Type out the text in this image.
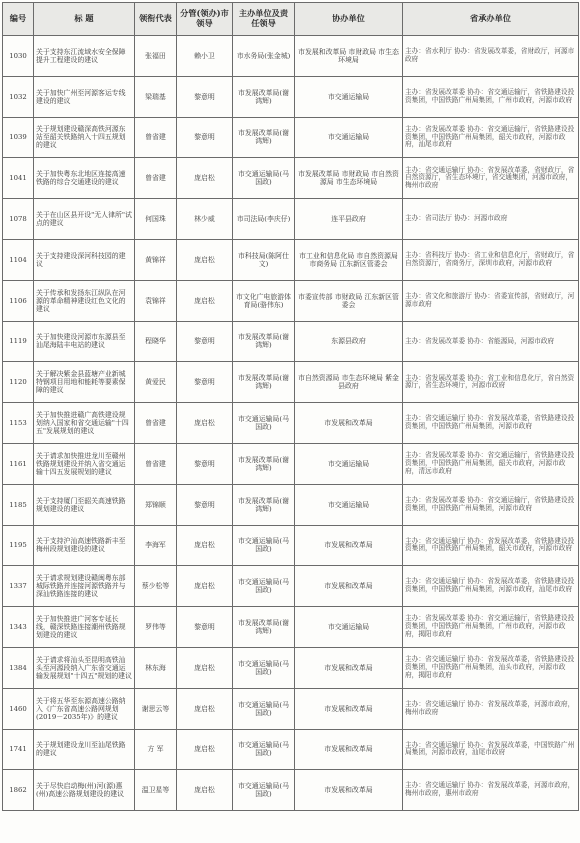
编号	标 题	领衔代表	分管(领办)市领导	主办单位及责任领导	协办单位	省承办单位
1030	关于支持东江流域水安全保障提升工程建设的建议	张福田	赖小卫	市水务局(张金城)	市发展和改革局 市财政局 市生态环境局	主办：省水利厅 协办：省发展改革委，省财政厅，河源市政府
1032	关于加快广州至河源客运专线建设的建议	梁瑞基	黎意明	市发展改革局(谢鸿辉)	市交通运输局	主办：省发展改革委 协办：省交通运输厅，省铁路建设投资集团，中国铁路广州局集团，广州市政府，河源市政府
1039	关于规划建设赣深高铁河源东站至韶关铁路纳入十四五规划的建议	曾省建	黎意明	市发展改革局(谢鸿辉)	市交通运输局	主办：省发展改革委 协办：省交通运输厅，省铁路建设投资集团，中国铁路广州局集团，韶关市政府，河源市政府，汕尾市政府
1041	关于加快粤东北地区连接高速铁路的综合交通建设的建议	曾省建	庞启松	市交通运输局(马国政)	市发展改革局 市财政局 市自然资源局 市生态环境局	主办：省交通运输厅 协办：省发展改革委，省财政厅，省自然资源厅，省生态环境厅，省交通集团，河源市政府，梅州市政府
1078	关于在山区县开设"无人律所"试点的建议	何国珠	林少威	市司法局(李庆仔)	连平县政府	主办：省司法厅 协办：河源市政府
1104	关于支持建设深河科技园的建议	黄锦祥	庞启松	市科技局(陈阿仕文)	市工业和信息化局 市自然资源局 市商务局 江东新区管委会	主办：省科技厅 协办：省工业和信息化厅，省财政厅，省自然资源厅，省商务厅，深圳市政府，河源市政府
1106	关于传承和发扬东江纵队在河源的革命精神建设红色文化的建议	袁锦祥	庞启松	市文化广电旅游体育局(骆伟东)	市委宣传部 市财政局 江东新区管委会	主办：省文化和旅游厅 协办：省委宣传部，省财政厅，河源市政府
1119	关于加快建设河源市东源县至汕尾海陆丰电站的建议	程晓华	黎意明	市发展改革局(谢鸿辉)	东源县政府	主办：省发展改革委 协办：省能源局，河源市政府
1120	关于解决紫金县蓝塘产业新城特钢项目用地和能耗等要素保障的建议	黄爱民	黎意明	市发展改革局(谢鸿辉)	市自然资源局 市生态环境局 紫金县政府	主办：省发展改革委 协办：省工业和信息化厅，省自然资源厅，省生态环境厅，河源市政府
1153	关于加快推进赣广高铁建设规划纳入国家和省交通运输"十四五"发展规划的建议	曾省建	庞启松	市交通运输局(马国政)	市发展和改革局	主办：省交通运输厅 协办：省发展改革委，省铁路建设投资集团，中国铁路广州局集团，河源市政府
1161	关于请求加快推进龙川至赣州铁路规划建设并纳入省交通运输十四五发展规划的建议	曾省建	黎意明	市发展改革局(谢鸿辉)	市交通运输局	主办：省发展改革委 协办：省交通运输厅，省铁路建设投资集团，中国铁路广州局集团，韶关市政府，河源市政府，清远市政府
1185	关于支持厦门至韶关高速铁路规划建设的建议	郑锦顺	黎意明	市发展改革局(谢鸿辉)	市交通运输局	主办：省发展改革委 协办：省交通运输厅，省铁路建设投资集团，中国铁路广州局集团，河源市政府
1195	关于支持沪汕高速铁路新丰至梅州段规划建设的建议	李海军	庞启松	市交通运输局(马国政)	市发展和改革局	主办：省交通运输厅 协办：省发展改革委，省铁路建设投资集团，中国铁路广州局集团，韶关市政府，河源市政府
1337	关于请求规划建设赣闽粤东部城际铁路并连接河源铁路并与深汕铁路连接的建议	蔡少松等	庞启松	市交通运输局(马国政)	市发展和改革局	主办：省交通运输厅 协办：省发展改革委，省铁路建设投资集团，中国铁路广州局集团，河源市政府，汕尾市政府
1343	关于加快推进广河客专延长线，赣深铁路连接潮州铁路规划建设的建议	罗伟等	黎意明	市发展改革局(谢鸿辉)	市交通运输局	主办：省发展改革委 协办：省交通运输厅，省铁路建设投资集团，中国铁路广州局集团，广州市政府，河源市政府，揭阳市政府
1384	关于请求将汕头至昆明高铁汕头至河源段纳入广东省交通运输发展规划"十四五"规划的建议	林东海	庞启松	市交通运输局(马国政)	市发展和改革局	主办：省交通运输厅 协办：省发展改革委，省铁路建设投资集团，中国铁路广州局集团，汕头市政府，河源市政府，揭阳市政府
1460	关于将五华至东源高速公路纳入《广东省高速公路网规划(2019－2035年)》的建议	谢思云等	庞启松	市交通运输局(马国政)	市发展和改革局	主办：省交通运输厅 协办：省发展改革委，河源市政府，梅州市政府
1741	关于规划建设龙川至汕尾铁路的建议	方 军	庞启松	市交通运输局(马国政)	市发展和改革局	主办：省交通运输厅 协办：省发展改革委，中国铁路广州局集团，河源市政府，汕尾市政府
1862	关于尽快启动梅(州)河(源)惠(州)高速公路规划建设的建议	温卫星等	庞启松	市交通运输局(马国政)	市发展和改革局	主办：省交通运输厅 协办：省发展改革委，河源市政府，梅州市政府，惠州市政府
